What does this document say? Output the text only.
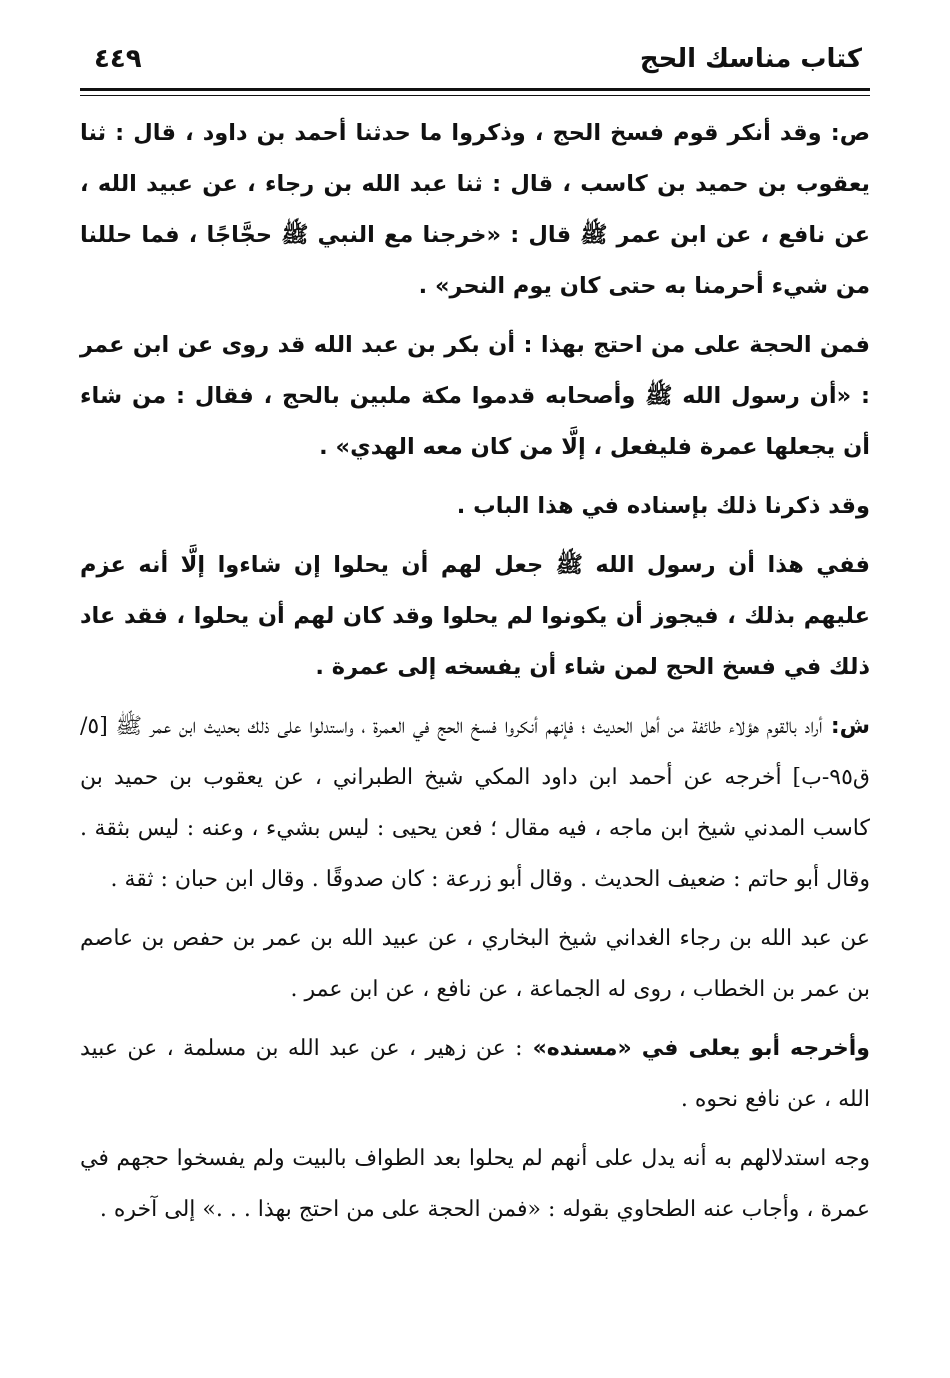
كتاب مناسك الحج
٤٤٩

ص: وقد أنكر قوم فسخ الحج ، وذكروا ما حدثنا أحمد بن داود ، قال : ثنا يعقوب بن حميد بن كاسب ، قال : ثنا عبد الله بن رجاء ، عن عبيد الله ، عن نافع ، عن ابن عمر ﷺ قال : «خرجنا مع النبي ﷺ حجَّاجًا ، فما حللنا من شيء أحرمنا به حتى كان يوم النحر» .

فمن الحجة على من احتج بهذا : أن بكر بن عبد الله قد روى عن ابن عمر : «أن رسول الله ﷺ وأصحابه قدموا مكة ملبين بالحج ، فقال : من شاء أن يجعلها عمرة فليفعل ، إلَّا من كان معه الهدي» .

وقد ذكرنا ذلك بإسناده في هذا الباب .

ففي هذا أن رسول الله ﷺ جعل لهم أن يحلوا إن شاءوا إلَّا أنه عزم عليهم بذلك ، فيجوز أن يكونوا لم يحلوا وقد كان لهم أن يحلوا ، فقد عاد ذلك في فسخ الحج لمن شاء أن يفسخه إلى عمرة .

ش: أراد بالقوم هؤلاء طائفة من أهل الحديث ؛ فإنهم أنكروا فسخ الحج في العمرة ، واستدلوا على ذلك بحديث ابن عمر ﷺ [٥/ ق٩٥-ب] أخرجه عن أحمد ابن داود المكي شيخ الطبراني ، عن يعقوب بن حميد بن كاسب المدني شيخ ابن ماجه ، فيه مقال ؛ فعن يحيى : ليس بشيء ، وعنه : ليس بثقة . وقال أبو حاتم : ضعيف الحديث . وقال أبو زرعة : كان صدوقًا . وقال ابن حبان : ثقة .

عن عبد الله بن رجاء الغداني شيخ البخاري ، عن عبيد الله بن عمر بن حفص بن عاصم بن عمر بن الخطاب ، روى له الجماعة ، عن نافع ، عن ابن عمر .

وأخرجه أبو يعلى في «مسنده» : عن زهير ، عن عبد الله بن مسلمة ، عن عبيد الله ، عن نافع نحوه .

وجه استدلالهم به أنه يدل على أنهم لم يحلوا بعد الطواف بالبيت ولم يفسخوا حجهم في عمرة ، وأجاب عنه الطحاوي بقوله : «فمن الحجة على من احتج بهذا . . .» إلى آخره .
